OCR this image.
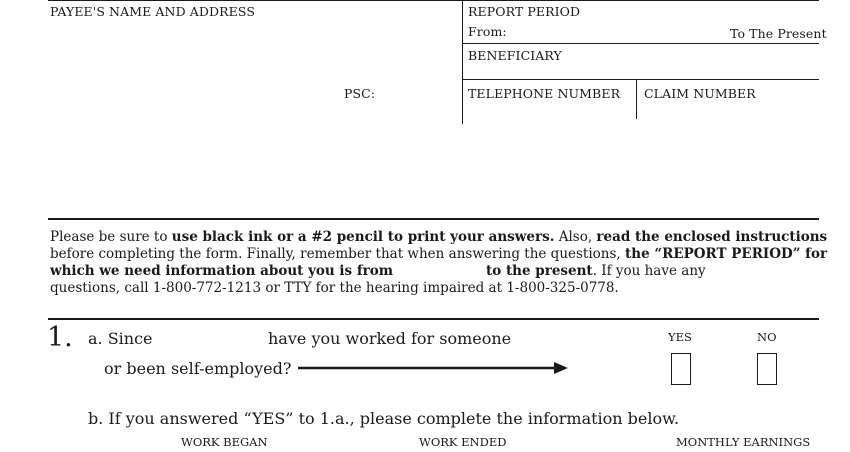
PAYEE'S NAME AND ADDRESS	REPORT PERIOD
From:	To The Present
BENEFICIARY
PSC:	TELEPHONE NUMBER CLAIM NUMBER
Please be sure to use black ink or a #2 pencil to print your answers. Also, read the enclosed instructions
before completing the form. Finally, remember that when answering the questions, the “REPORT PERIOD” for
which we need information about you is from	to the present. If you have any
questions, call 1-800-772-1213 or TTY for the hearing impaired at 1-800-325-0778.
1. a. Since	have you worked for someone
or been self-employed?
YES	NO
b. If you answered “YES” to 1.a., please complete the information below.
WORK BEGAN	WORK ENDED	MONTHLY EARNINGS
